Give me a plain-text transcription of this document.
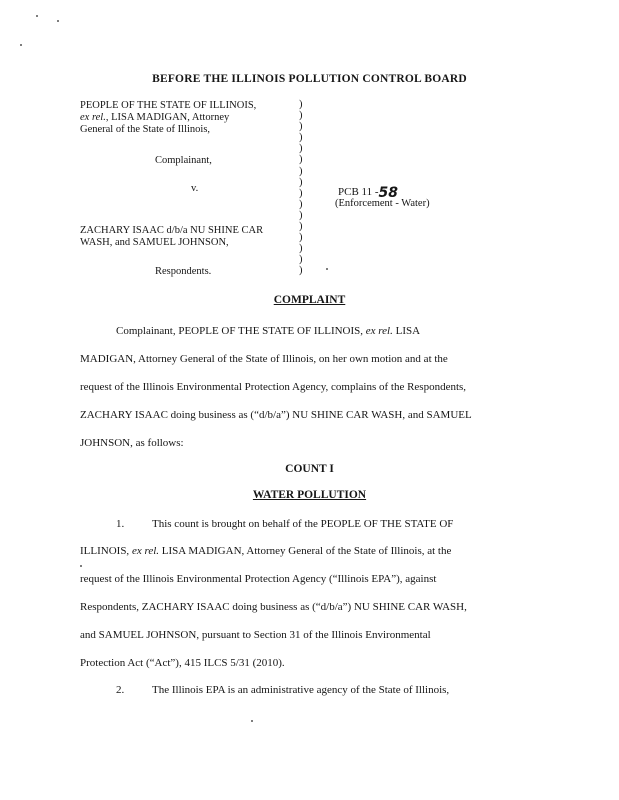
BEFORE THE ILLINOIS POLLUTION CONTROL BOARD
PEOPLE OF THE STATE OF ILLINOIS,
ex rel., LISA MADIGAN, Attorney
General of the State of Illinois,
Complainant,
v.
ZACHARY ISAAC d/b/a NU SHINE CAR
WASH, and SAMUEL JOHNSON,
Respondents.
)
)
)
)
)
)
)
)
)
)
)
)
)
)
)
)
PCB 11 -58
(Enforcement - Water)
COMPLAINT
Complainant, PEOPLE OF THE STATE OF ILLINOIS, ex rel. LISA
MADIGAN, Attorney General of the State of Illinois, on her own motion and at the
request of the Illinois Environmental Protection Agency, complains of the Respondents,
ZACHARY ISAAC doing business as (“d/b/a”) NU SHINE CAR WASH, and SAMUEL
JOHNSON, as follows:
COUNT I
WATER POLLUTION
1.	This count is brought on behalf of the PEOPLE OF THE STATE OF
ILLINOIS, ex rel. LISA MADIGAN, Attorney General of the State of Illinois, at the
request of the Illinois Environmental Protection Agency (“Illinois EPA”), against
Respondents, ZACHARY ISAAC doing business as (“d/b/a”) NU SHINE CAR WASH,
and SAMUEL JOHNSON, pursuant to Section 31 of the Illinois Environmental
Protection Act (“Act”), 415 ILCS 5/31 (2010).
2.	The Illinois EPA is an administrative agency of the State of Illinois,
